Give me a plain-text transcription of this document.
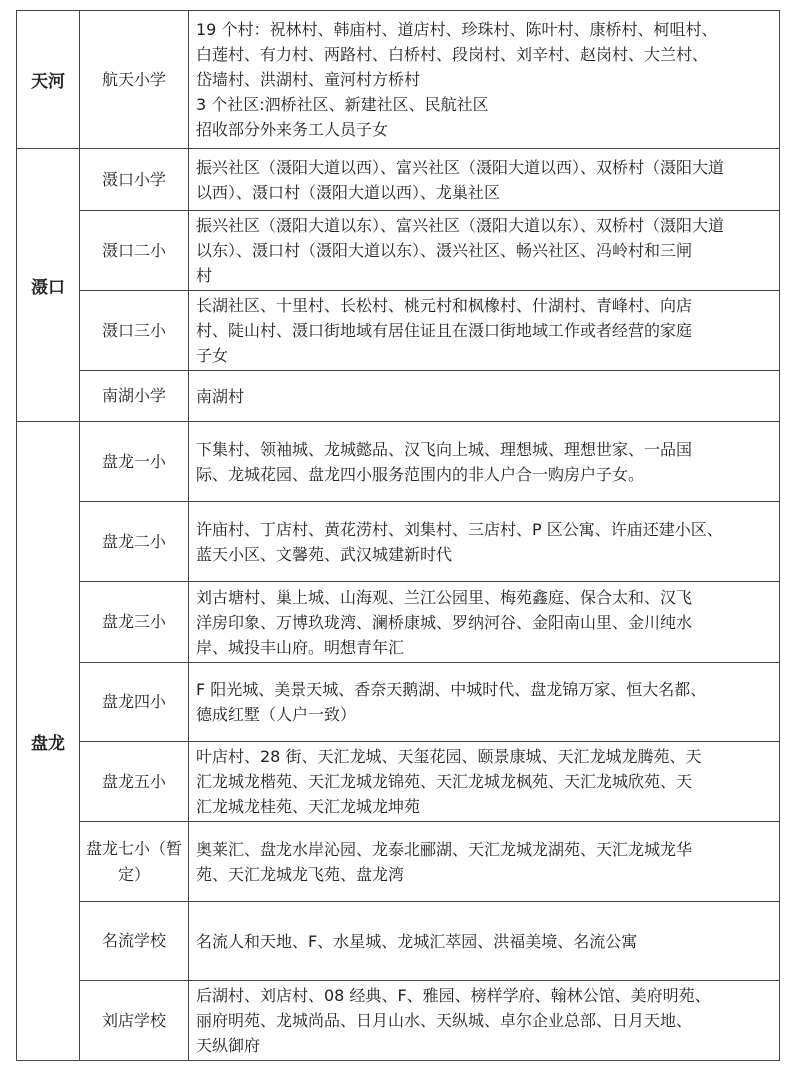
天河	航天小学	19 个村：祝林村、韩庙村、道店村、珍珠村、陈叶村、康桥村、柯咀村、
白莲村、有力村、两路村、白桥村、段岗村、刘辛村、赵岗村、大兰村、
岱墙村、洪湖村、童河村方桥村
3 个社区:泗桥社区、新建社区、民航社区
招收部分外来务工人员子女

滠口	滠口小学	振兴社区（滠阳大道以西）、富兴社区（滠阳大道以西）、双桥村（滠阳大道
以西）、滠口村（滠阳大道以西）、龙巢社区

	滠口二小	振兴社区（滠阳大道以东）、富兴社区（滠阳大道以东）、双桥村（滠阳大道
以东）、滠口村（滠阳大道以东）、滠兴社区、畅兴社区、冯岭村和三闸
村

	滠口三小	长湖社区、十里村、长松村、桃元村和枫橡村、什湖村、青峰村、向店
村、陡山村、滠口街地域有居住证且在滠口街地域工作或者经营的家庭
子女

	南湖小学	南湖村

盘龙	盘龙一小	下集村、领袖城、龙城懿品、汉飞向上城、理想城、理想世家、一品国
际、龙城花园、盘龙四小服务范围内的非人户合一购房户子女。

	盘龙二小	许庙村、丁店村、黄花涝村、刘集村、三店村、P 区公寓、许庙还建小区、
蓝天小区、文馨苑、武汉城建新时代

	盘龙三小	刘古塘村、巢上城、山海观、兰江公园里、梅苑鑫庭、保合太和、汉飞
洋房印象、万博玖珑湾、澜桥康城、罗纳河谷、金阳南山里、金川纯水
岸、城投丰山府。明想青年汇

	盘龙四小	F 阳光城、美景天城、香奈天鹅湖、中城时代、盘龙锦万家、恒大名都、
德成红墅（人户一致）

	盘龙五小	叶店村、28 街、天汇龙城、天玺花园、颐景康城、天汇龙城龙腾苑、天
汇龙城龙楷苑、天汇龙城龙锦苑、天汇龙城龙枫苑、天汇龙城欣苑、天
汇龙城龙桂苑、天汇龙城龙坤苑

	盘龙七小（暂定）	奥莱汇、盘龙水岸沁园、龙泰北郦湖、天汇龙城龙湖苑、天汇龙城龙华
苑、天汇龙城龙飞苑、盘龙湾

	名流学校	名流人和天地、F、水星城、龙城汇萃园、洪福美境、名流公寓

	刘店学校	后湖村、刘店村、08 经典、F、雅园、榜样学府、翰林公馆、美府明苑、
丽府明苑、龙城尚品、日月山水、天纵城、卓尔企业总部、日月天地、
天纵御府
